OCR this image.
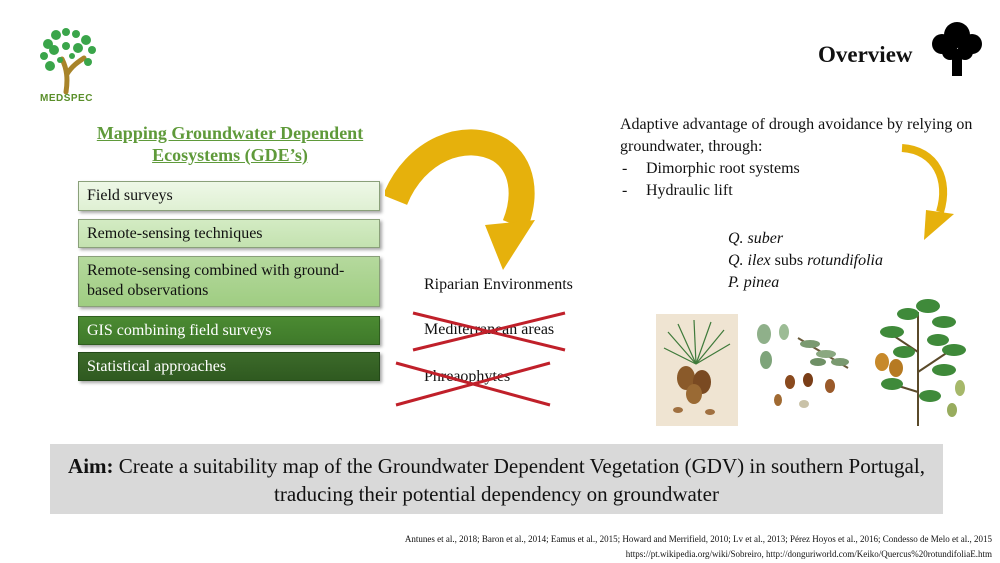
MEDSPEC
Overview
Mapping Groundwater Dependent
Ecosystems (GDE’s)
Field surveys
Remote-sensing techniques
Remote-sensing combined with ground-based observations
GIS combining field surveys
Statistical approaches
Riparian Environments
Mediterranean areas
Phreaophytes
Adaptive advantage of drough avoidance by relying on groundwater, through:
- Dimorphic root systems
- Hydraulic lift
Q. suber
Q. ilex subs rotundifolia
P. pinea
Aim: Create a suitability map of the Groundwater Dependent Vegetation (GDV) in southern Portugal, traducing their potential dependency on groundwater
Antunes et al., 2018; Baron et al., 2014; Eamus et al., 2015; Howard and Merrifield, 2010; Lv et al., 2013; Pérez Hoyos et al., 2016; Condesso de Melo et al., 2015
https://pt.wikipedia.org/wiki/Sobreiro, http://donguriworld.com/Keiko/Quercus%20rotundifoliaE.htm
